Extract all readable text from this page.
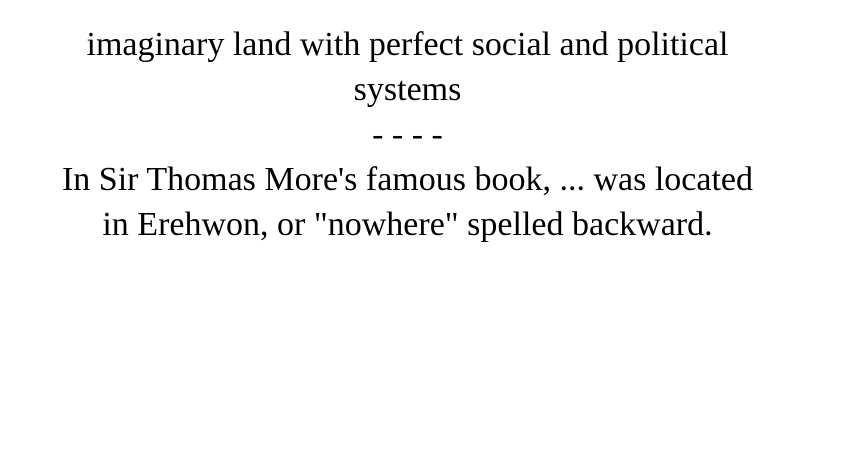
imaginary land with perfect social and political systems

- - - -

In Sir Thomas More's famous book, ... was located in Erehwon, or "nowhere" spelled backward.
